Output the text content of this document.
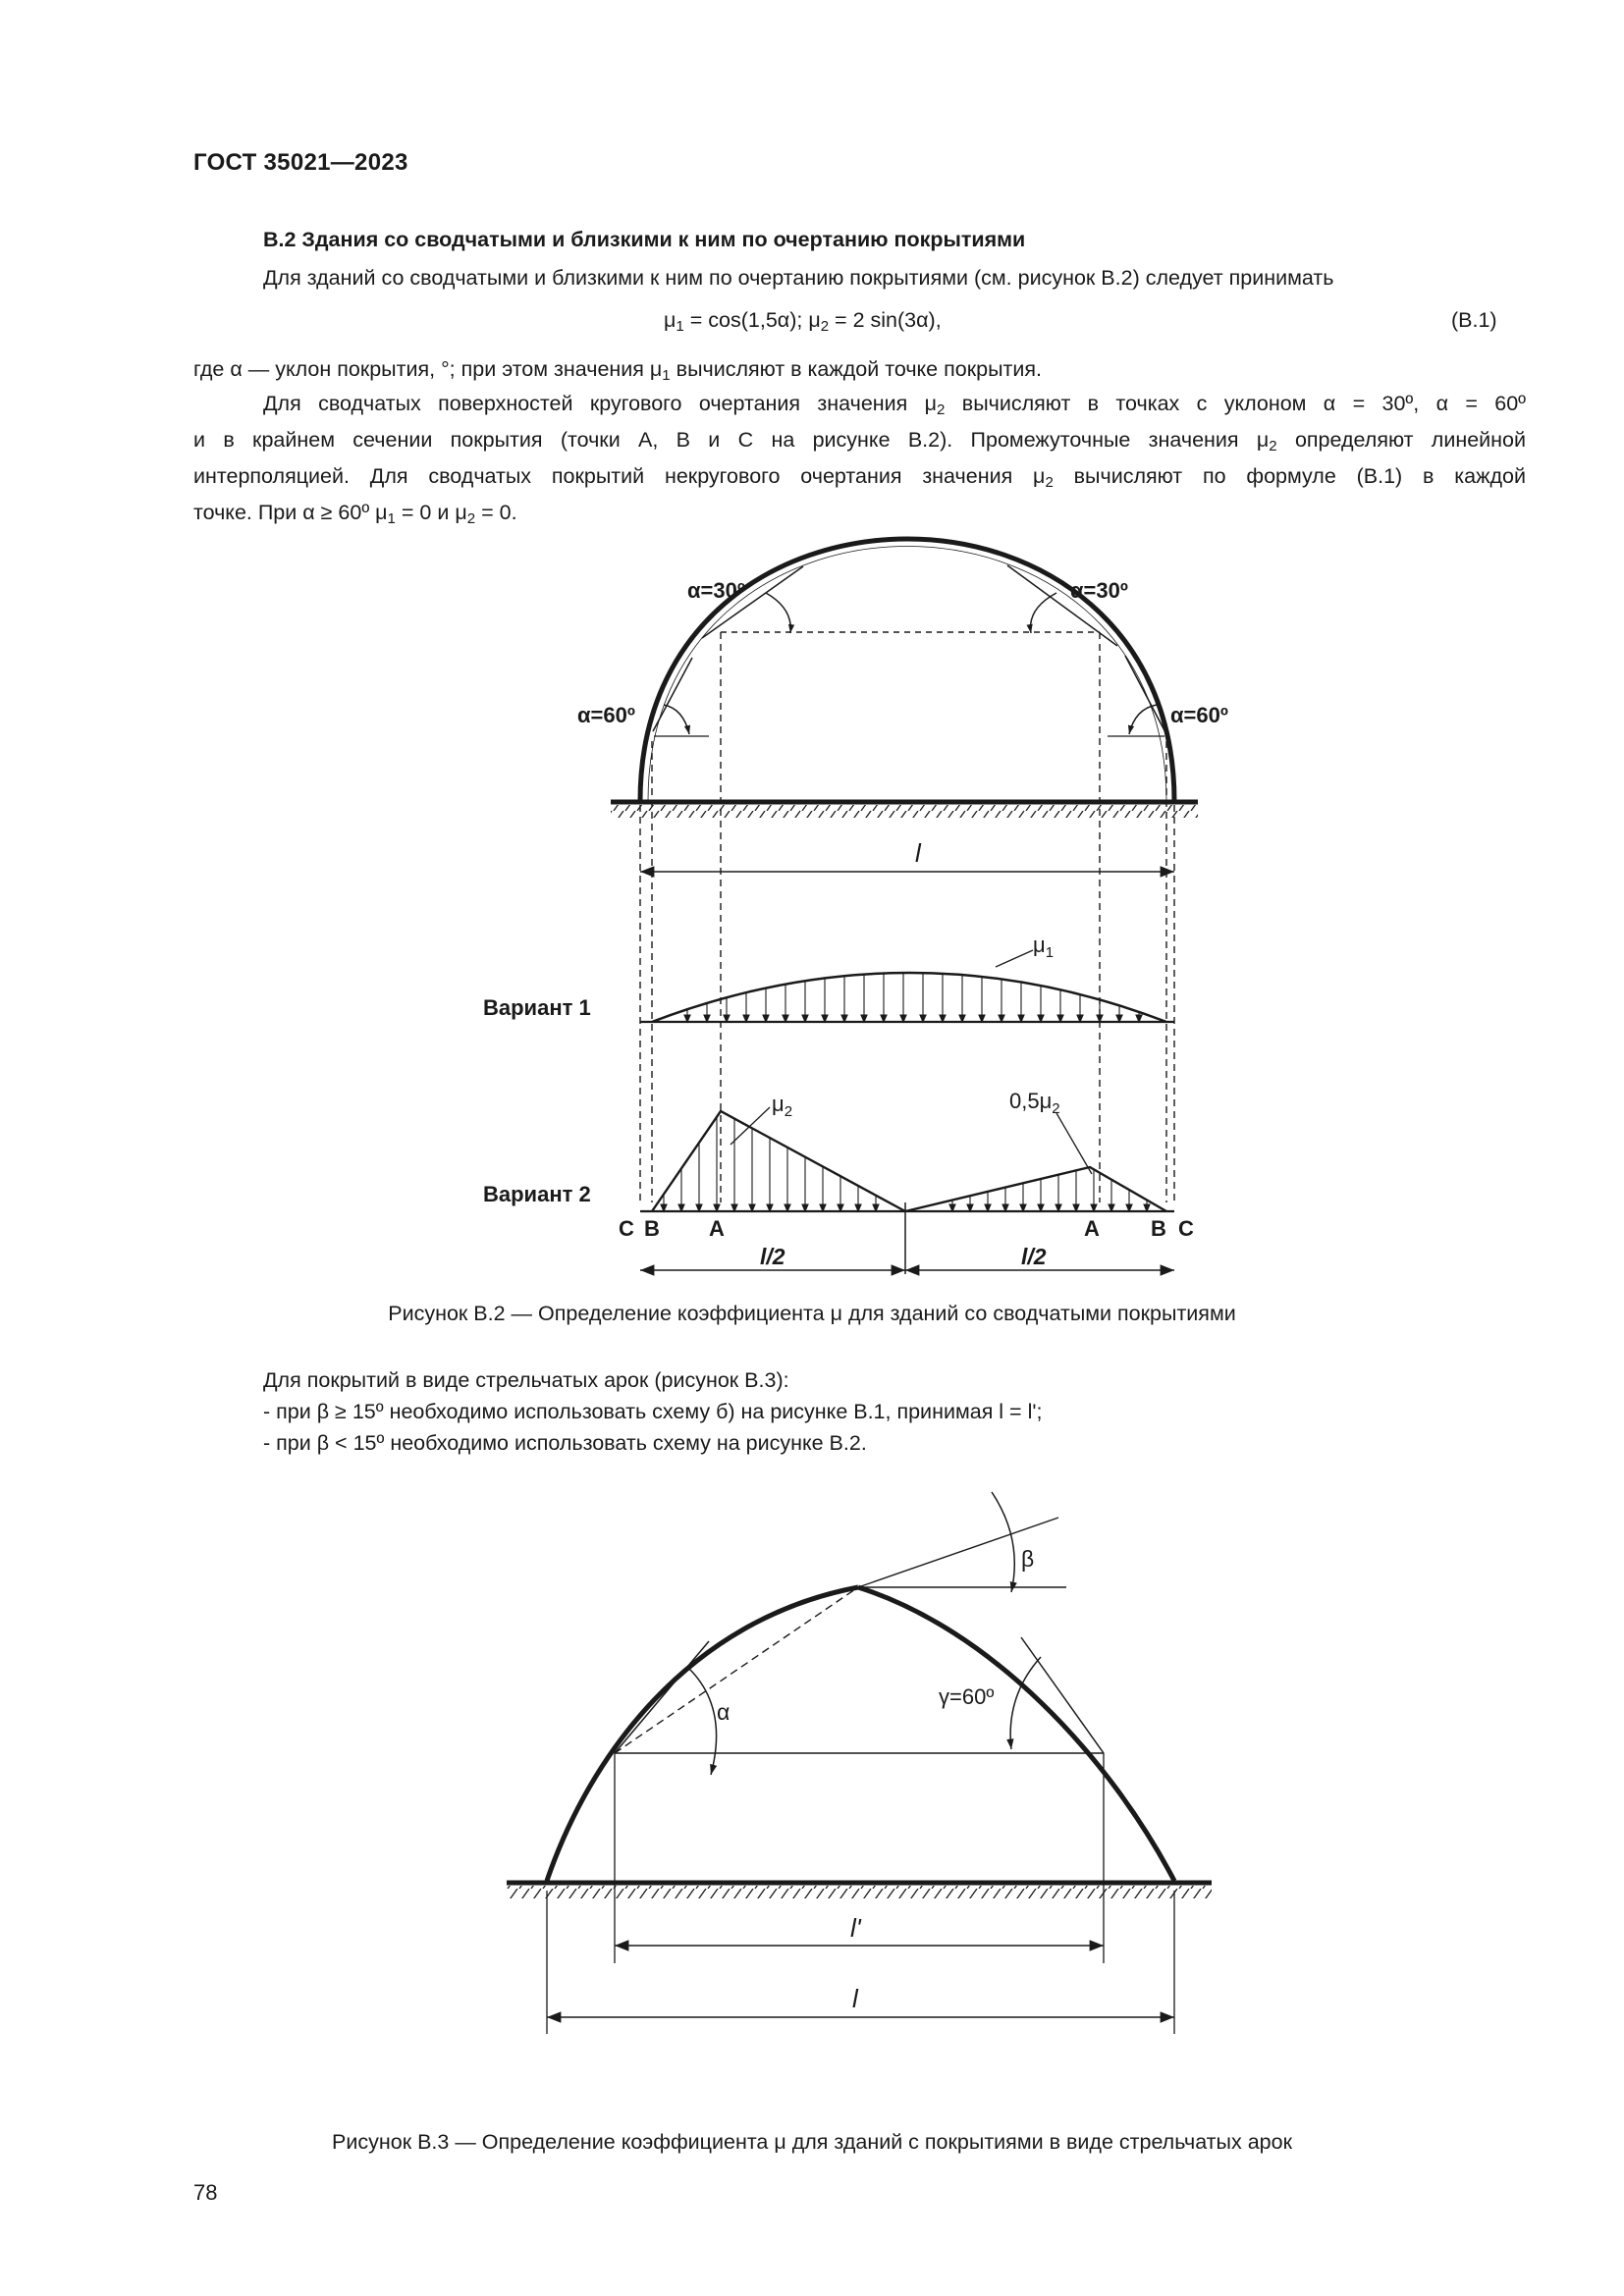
ГОСТ 35021—2023
В.2 Здания со сводчатыми и близкими к ним по очертанию покрытиями
Для зданий со сводчатыми и близкими к ним по очертанию покрытиями (см. рисунок В.2) следует принимать
$\mu_1 = \cos(1,5\alpha)$; $\mu_2 = 2$ sin(3α),	(В.1)
где α — уклон покрытия, °; при этом значения $\mu_1$ вычисляют в каждой точке покрытия.
Для сводчатых поверхностей кругового очертания значения $\mu_2$ вычисляют в точках с уклоном α = 30º, α = 60º
и в крайнем сечении покрытия (точки А, В и С на рисунке В.2). Промежуточные значения $\mu_2$ определяют линейной
интерполяцией. Для сводчатых покрытий некругового очертания значения $\mu_2$ вычисляют по формуле (В.1) в каждой
точке. При α ≥ 60º $\mu_1 = 0$ и $\mu_2 = 0$.
α=30º	α=30º
α=60º	α=60º
l
Вариант 1
$\mu_1$
Вариант 2
$\mu_2$	$0,5\mu_2$
C B A	A B C
l/2	l/2
Рисунок В.2 — Определение коэффициента μ для зданий со сводчатыми покрытиями
Для покрытий в виде стрельчатых арок (рисунок В.3):
- при β ≥ 15º необходимо использовать схему б) на рисунке В.1, принимая l = l';
- при β < 15º необходимо использовать схему на рисунке В.2.
β
α
γ=60º
l'
l
Рисунок В.3 — Определение коэффициента μ для зданий с покрытиями в виде стрельчатых арок
78
